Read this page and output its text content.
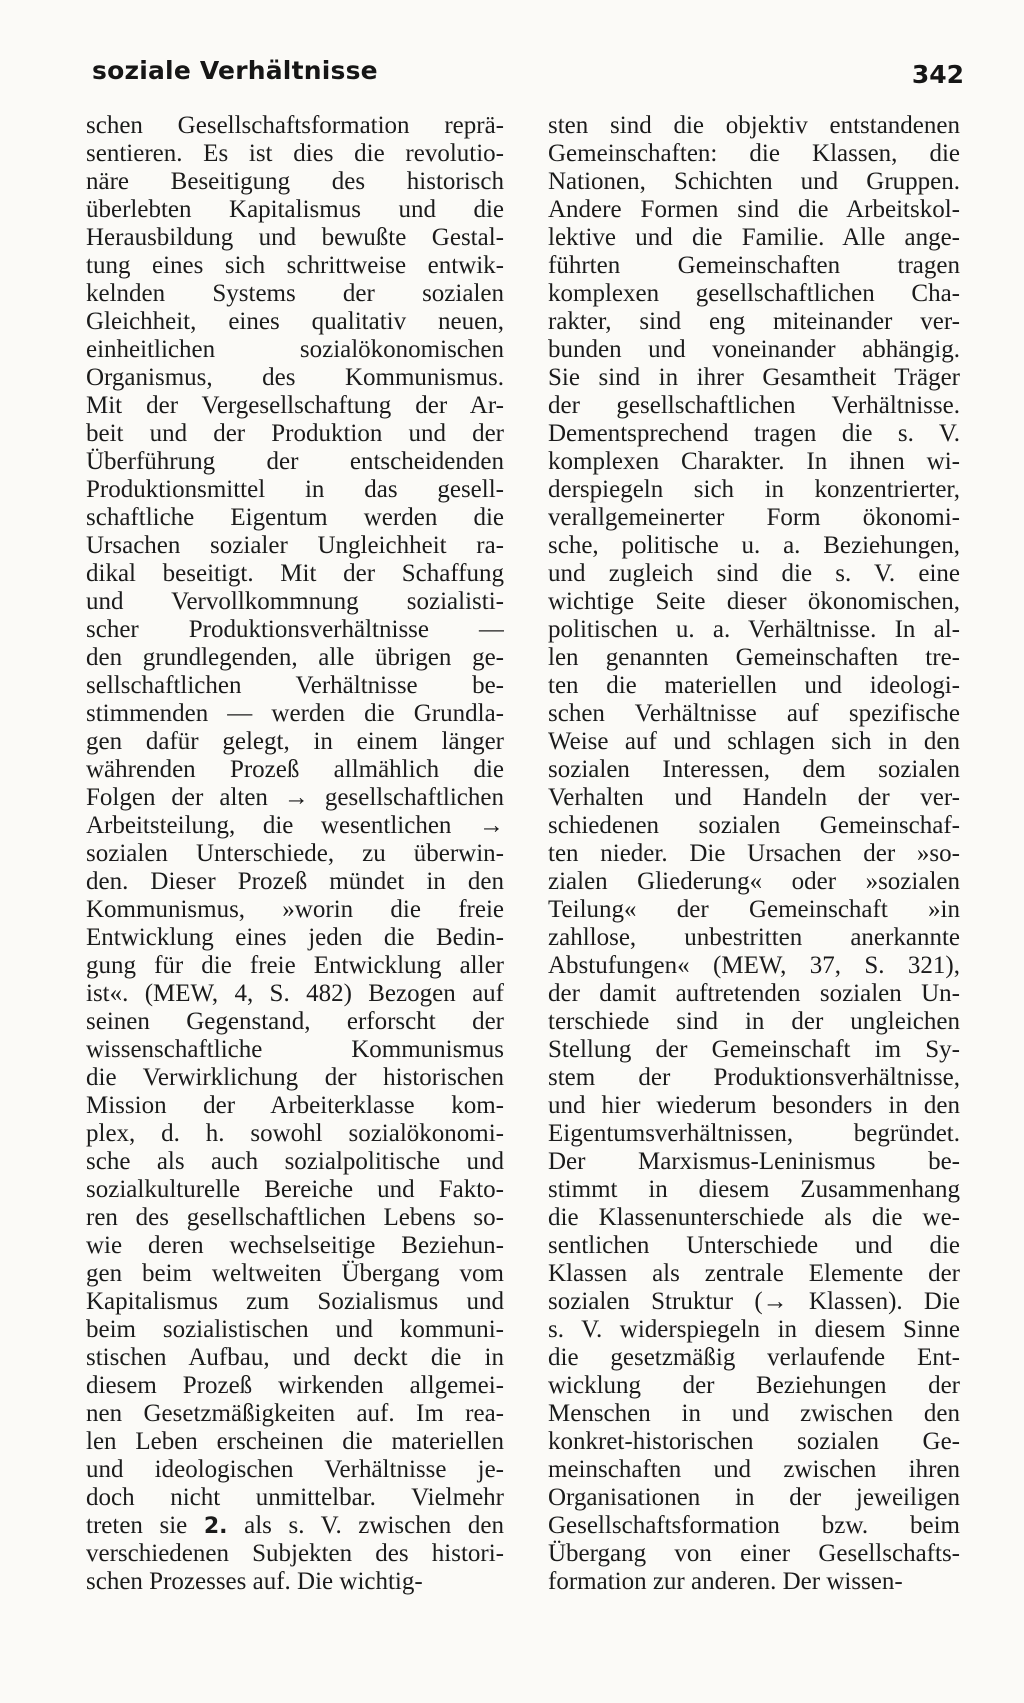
soziale Verhältnisse	342
schen Gesellschaftsformation reprä-
sentieren. Es ist dies die revolutio-
näre Beseitigung des historisch
überlebten Kapitalismus und die
Herausbildung und bewußte Gestal-
tung eines sich schrittweise entwik-
kelnden Systems der sozialen
Gleichheit, eines qualitativ neuen,
einheitlichen sozialökonomischen
Organismus, des Kommunismus.
Mit der Vergesellschaftung der Ar-
beit und der Produktion und der
Überführung der entscheidenden
Produktionsmittel in das gesell-
schaftliche Eigentum werden die
Ursachen sozialer Ungleichheit ra-
dikal beseitigt. Mit der Schaffung
und Vervollkommnung sozialisti-
scher Produktionsverhältnisse —
den grundlegenden, alle übrigen ge-
sellschaftlichen Verhältnisse be-
stimmenden — werden die Grundla-
gen dafür gelegt, in einem länger
währenden Prozeß allmählich die
Folgen der alten → gesellschaftlichen
Arbeitsteilung, die wesentlichen →
sozialen Unterschiede, zu überwin-
den. Dieser Prozeß mündet in den
Kommunismus, »worin die freie
Entwicklung eines jeden die Bedin-
gung für die freie Entwicklung aller
ist«. (MEW, 4, S. 482) Bezogen auf
seinen Gegenstand, erforscht der
wissenschaftliche Kommunismus
die Verwirklichung der historischen
Mission der Arbeiterklasse kom-
plex, d. h. sowohl sozialökonomi-
sche als auch sozialpolitische und
sozialkulturelle Bereiche und Fakto-
ren des gesellschaftlichen Lebens so-
wie deren wechselseitige Beziehun-
gen beim weltweiten Übergang vom
Kapitalismus zum Sozialismus und
beim sozialistischen und kommuni-
stischen Aufbau, und deckt die in
diesem Prozeß wirkenden allgemei-
nen Gesetzmäßigkeiten auf. Im rea-
len Leben erscheinen die materiellen
und ideologischen Verhältnisse je-
doch nicht unmittelbar. Vielmehr
treten sie 2. als s. V. zwischen den
verschiedenen Subjekten des histori-
schen Prozesses auf. Die wichtig-
sten sind die objektiv entstandenen
Gemeinschaften: die Klassen, die
Nationen, Schichten und Gruppen.
Andere Formen sind die Arbeitskol-
lektive und die Familie. Alle ange-
führten Gemeinschaften tragen
komplexen gesellschaftlichen Cha-
rakter, sind eng miteinander ver-
bunden und voneinander abhängig.
Sie sind in ihrer Gesamtheit Träger
der gesellschaftlichen Verhältnisse.
Dementsprechend tragen die s. V.
komplexen Charakter. In ihnen wi-
derspiegeln sich in konzentrierter,
verallgemeinerter Form ökonomi-
sche, politische u. a. Beziehungen,
und zugleich sind die s. V. eine
wichtige Seite dieser ökonomischen,
politischen u. a. Verhältnisse. In al-
len genannten Gemeinschaften tre-
ten die materiellen und ideologi-
schen Verhältnisse auf spezifische
Weise auf und schlagen sich in den
sozialen Interessen, dem sozialen
Verhalten und Handeln der ver-
schiedenen sozialen Gemeinschaf-
ten nieder. Die Ursachen der »so-
zialen Gliederung« oder »sozialen
Teilung« der Gemeinschaft »in
zahllose, unbestritten anerkannte
Abstufungen« (MEW, 37, S. 321),
der damit auftretenden sozialen Un-
terschiede sind in der ungleichen
Stellung der Gemeinschaft im Sy-
stem der Produktionsverhältnisse,
und hier wiederum besonders in den
Eigentumsverhältnissen, begründet.
Der Marxismus-Leninismus be-
stimmt in diesem Zusammenhang
die Klassenunterschiede als die we-
sentlichen Unterschiede und die
Klassen als zentrale Elemente der
sozialen Struktur (→ Klassen). Die
s. V. widerspiegeln in diesem Sinne
die gesetzmäßig verlaufende Ent-
wicklung der Beziehungen der
Menschen in und zwischen den
konkret-historischen sozialen Ge-
meinschaften und zwischen ihren
Organisationen in der jeweiligen
Gesellschaftsformation bzw. beim
Übergang von einer Gesellschafts-
formation zur anderen. Der wissen-
